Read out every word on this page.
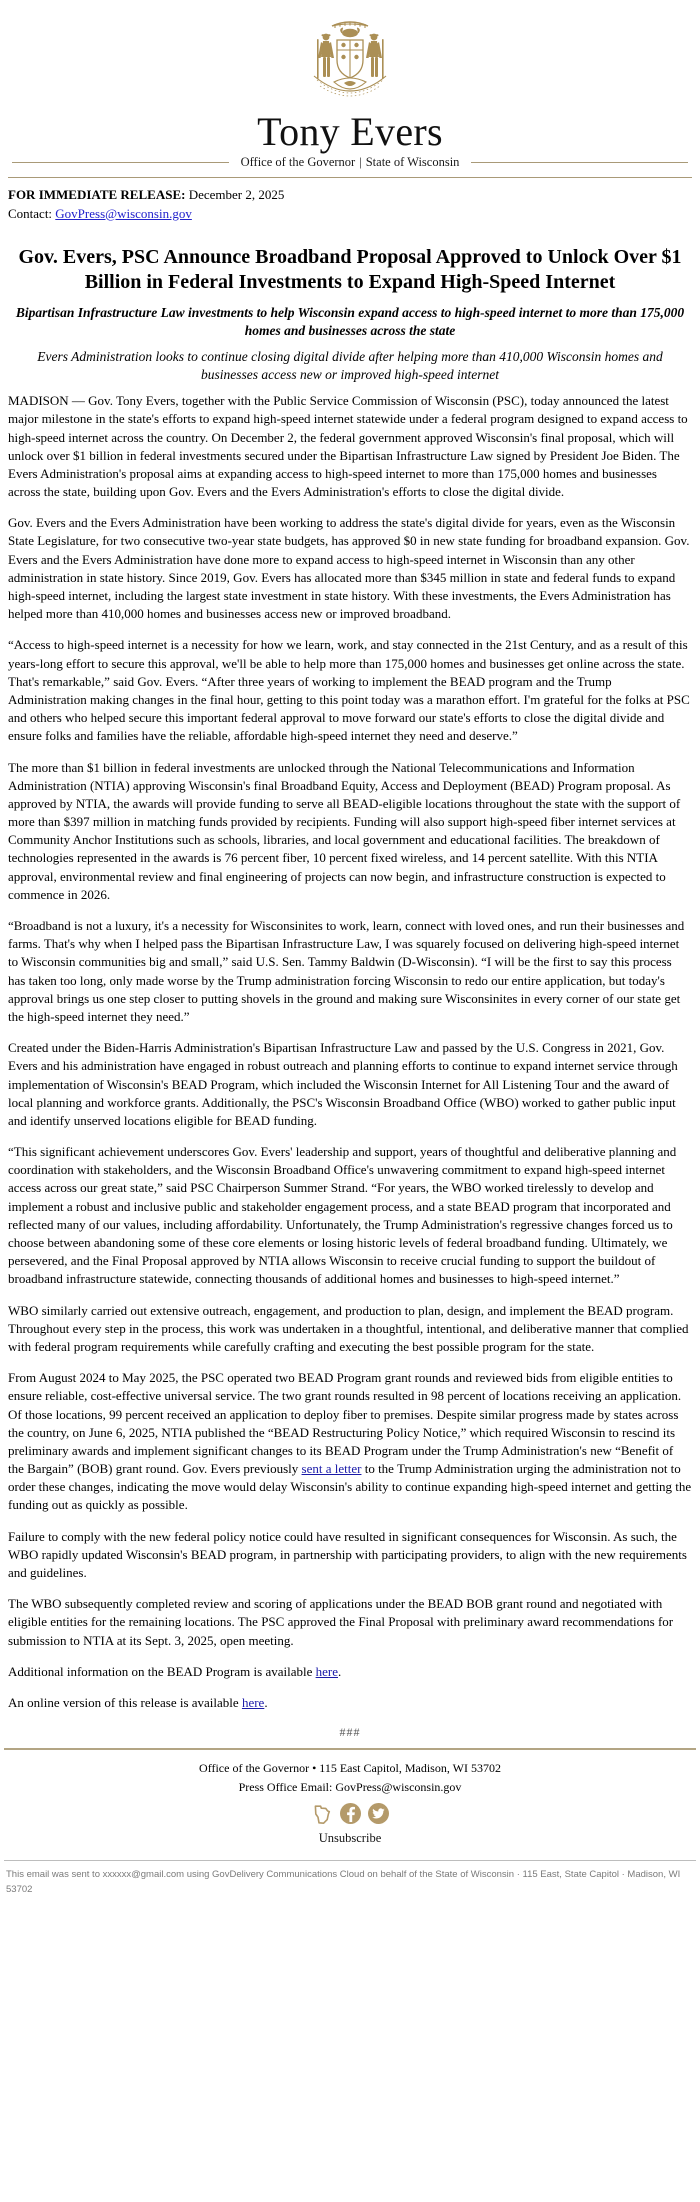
Tony Evers
Office of the Governor | State of Wisconsin
FOR IMMEDIATE RELEASE: December 2, 2025
Contact: GovPress@wisconsin.gov
Gov. Evers, PSC Announce Broadband Proposal Approved to Unlock Over $1 Billion in Federal Investments to Expand High-Speed Internet
Bipartisan Infrastructure Law investments to help Wisconsin expand access to high-speed internet to more than 175,000 homes and businesses across the state
Evers Administration looks to continue closing digital divide after helping more than 410,000 Wisconsin homes and businesses access new or improved high-speed internet

MADISON — Gov. Tony Evers, together with the Public Service Commission of Wisconsin (PSC), today announced the latest major milestone in the state's efforts to expand high-speed internet statewide under a federal program designed to expand access to high-speed internet across the country. On December 2, the federal government approved Wisconsin's final proposal, which will unlock over $1 billion in federal investments secured under the Bipartisan Infrastructure Law signed by President Joe Biden. The Evers Administration's proposal aims at expanding access to high-speed internet to more than 175,000 homes and businesses across the state, building upon Gov. Evers and the Evers Administration's efforts to close the digital divide.

Gov. Evers and the Evers Administration have been working to address the state's digital divide for years, even as the Wisconsin State Legislature, for two consecutive two-year state budgets, has approved $0 in new state funding for broadband expansion. Gov. Evers and the Evers Administration have done more to expand access to high-speed internet in Wisconsin than any other administration in state history. Since 2019, Gov. Evers has allocated more than $345 million in state and federal funds to expand high-speed internet, including the largest state investment in state history. With these investments, the Evers Administration has helped more than 410,000 homes and businesses access new or improved broadband.

“Access to high-speed internet is a necessity for how we learn, work, and stay connected in the 21st Century, and as a result of this years-long effort to secure this approval, we'll be able to help more than 175,000 homes and businesses get online across the state. That's remarkable,” said Gov. Evers. “After three years of working to implement the BEAD program and the Trump Administration making changes in the final hour, getting to this point today was a marathon effort. I'm grateful for the folks at PSC and others who helped secure this important federal approval to move forward our state's efforts to close the digital divide and ensure folks and families have the reliable, affordable high-speed internet they need and deserve.”

The more than $1 billion in federal investments are unlocked through the National Telecommunications and Information Administration (NTIA) approving Wisconsin's final Broadband Equity, Access and Deployment (BEAD) Program proposal. As approved by NTIA, the awards will provide funding to serve all BEAD-eligible locations throughout the state with the support of more than $397 million in matching funds provided by recipients. Funding will also support high-speed fiber internet services at Community Anchor Institutions such as schools, libraries, and local government and educational facilities. The breakdown of technologies represented in the awards is 76 percent fiber, 10 percent fixed wireless, and 14 percent satellite. With this NTIA approval, environmental review and final engineering of projects can now begin, and infrastructure construction is expected to commence in 2026.

“Broadband is not a luxury, it's a necessity for Wisconsinites to work, learn, connect with loved ones, and run their businesses and farms. That's why when I helped pass the Bipartisan Infrastructure Law, I was squarely focused on delivering high-speed internet to Wisconsin communities big and small,” said U.S. Sen. Tammy Baldwin (D-Wisconsin). “I will be the first to say this process has taken too long, only made worse by the Trump administration forcing Wisconsin to redo our entire application, but today's approval brings us one step closer to putting shovels in the ground and making sure Wisconsinites in every corner of our state get the high-speed internet they need.”

Created under the Biden-Harris Administration's Bipartisan Infrastructure Law and passed by the U.S. Congress in 2021, Gov. Evers and his administration have engaged in robust outreach and planning efforts to continue to expand internet service through implementation of Wisconsin's BEAD Program, which included the Wisconsin Internet for All Listening Tour and the award of local planning and workforce grants. Additionally, the PSC's Wisconsin Broadband Office (WBO) worked to gather public input and identify unserved locations eligible for BEAD funding.

“This significant achievement underscores Gov. Evers' leadership and support, years of thoughtful and deliberative planning and coordination with stakeholders, and the Wisconsin Broadband Office's unwavering commitment to expand high-speed internet access across our great state,” said PSC Chairperson Summer Strand. “For years, the WBO worked tirelessly to develop and implement a robust and inclusive public and stakeholder engagement process, and a state BEAD program that incorporated and reflected many of our values, including affordability. Unfortunately, the Trump Administration's regressive changes forced us to choose between abandoning some of these core elements or losing historic levels of federal broadband funding. Ultimately, we persevered, and the Final Proposal approved by NTIA allows Wisconsin to receive crucial funding to support the buildout of broadband infrastructure statewide, connecting thousands of additional homes and businesses to high-speed internet.”

WBO similarly carried out extensive outreach, engagement, and production to plan, design, and implement the BEAD program. Throughout every step in the process, this work was undertaken in a thoughtful, intentional, and deliberative manner that complied with federal program requirements while carefully crafting and executing the best possible program for the state.

From August 2024 to May 2025, the PSC operated two BEAD Program grant rounds and reviewed bids from eligible entities to ensure reliable, cost-effective universal service. The two grant rounds resulted in 98 percent of locations receiving an application. Of those locations, 99 percent received an application to deploy fiber to premises. Despite similar progress made by states across the country, on June 6, 2025, NTIA published the “BEAD Restructuring Policy Notice,” which required Wisconsin to rescind its preliminary awards and implement significant changes to its BEAD Program under the Trump Administration's new “Benefit of the Bargain” (BOB) grant round. Gov. Evers previously sent a letter to the Trump Administration urging the administration not to order these changes, indicating the move would delay Wisconsin's ability to continue expanding high-speed internet and getting the funding out as quickly as possible.

Failure to comply with the new federal policy notice could have resulted in significant consequences for Wisconsin. As such, the WBO rapidly updated Wisconsin's BEAD program, in partnership with participating providers, to align with the new requirements and guidelines.

The WBO subsequently completed review and scoring of applications under the BEAD BOB grant round and negotiated with eligible entities for the remaining locations. The PSC approved the Final Proposal with preliminary award recommendations for submission to NTIA at its Sept. 3, 2025, open meeting.

Additional information on the BEAD Program is available here.

An online version of this release is available here.

###
Office of the Governor • 115 East Capitol, Madison, WI 53702
Press Office Email: GovPress@wisconsin.gov
Unsubscribe
This email was sent to xxxxxx@gmail.com using GovDelivery Communications Cloud on behalf of the State of Wisconsin · 115 East, State Capitol · Madison, WI 53702
